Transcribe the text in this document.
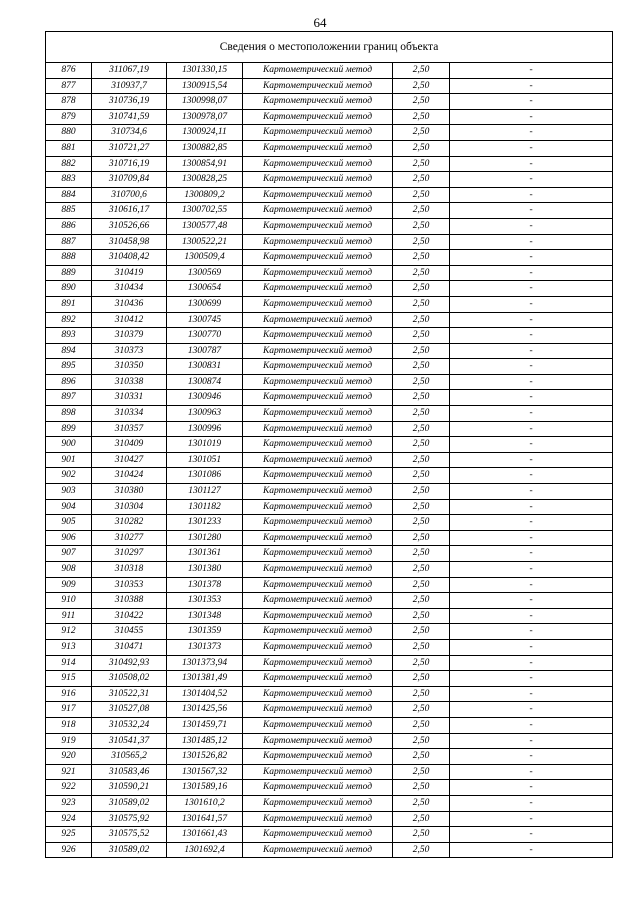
64
Сведения о местоположении границ объекта					
876	311067,19	1301330,15	Картометрический метод	2,50	-
877	310937,7	1300915,54	Картометрический метод	2,50	-
878	310736,19	1300998,07	Картометрический метод	2,50	-
879	310741,59	1300978,07	Картометрический метод	2,50	-
880	310734,6	1300924,11	Картометрический метод	2,50	-
881	310721,27	1300882,85	Картометрический метод	2,50	-
882	310716,19	1300854,91	Картометрический метод	2,50	-
883	310709,84	1300828,25	Картометрический метод	2,50	-
884	310700,6	1300809,2	Картометрический метод	2,50	-
885	310616,17	1300702,55	Картометрический метод	2,50	-
886	310526,66	1300577,48	Картометрический метод	2,50	-
887	310458,98	1300522,21	Картометрический метод	2,50	-
888	310408,42	1300509,4	Картометрический метод	2,50	-
889	310419	1300569	Картометрический метод	2,50	-
890	310434	1300654	Картометрический метод	2,50	-
891	310436	1300699	Картометрический метод	2,50	-
892	310412	1300745	Картометрический метод	2,50	-
893	310379	1300770	Картометрический метод	2,50	-
894	310373	1300787	Картометрический метод	2,50	-
895	310350	1300831	Картометрический метод	2,50	-
896	310338	1300874	Картометрический метод	2,50	-
897	310331	1300946	Картометрический метод	2,50	-
898	310334	1300963	Картометрический метод	2,50	-
899	310357	1300996	Картометрический метод	2,50	-
900	310409	1301019	Картометрический метод	2,50	-
901	310427	1301051	Картометрический метод	2,50	-
902	310424	1301086	Картометрический метод	2,50	-
903	310380	1301127	Картометрический метод	2,50	-
904	310304	1301182	Картометрический метод	2,50	-
905	310282	1301233	Картометрический метод	2,50	-
906	310277	1301280	Картометрический метод	2,50	-
907	310297	1301361	Картометрический метод	2,50	-
908	310318	1301380	Картометрический метод	2,50	-
909	310353	1301378	Картометрический метод	2,50	-
910	310388	1301353	Картометрический метод	2,50	-
911	310422	1301348	Картометрический метод	2,50	-
912	310455	1301359	Картометрический метод	2,50	-
913	310471	1301373	Картометрический метод	2,50	-
914	310492,93	1301373,94	Картометрический метод	2,50	-
915	310508,02	1301381,49	Картометрический метод	2,50	-
916	310522,31	1301404,52	Картометрический метод	2,50	-
917	310527,08	1301425,56	Картометрический метод	2,50	-
918	310532,24	1301459,71	Картометрический метод	2,50	-
919	310541,37	1301485,12	Картометрический метод	2,50	-
920	310565,2	1301526,82	Картометрический метод	2,50	-
921	310583,46	1301567,32	Картометрический метод	2,50	-
922	310590,21	1301589,16	Картометрический метод	2,50	-
923	310589,02	1301610,2	Картометрический метод	2,50	-
924	310575,92	1301641,57	Картометрический метод	2,50	-
925	310575,52	1301661,43	Картометрический метод	2,50	-
926	310589,02	1301692,4	Картометрический метод	2,50	-
